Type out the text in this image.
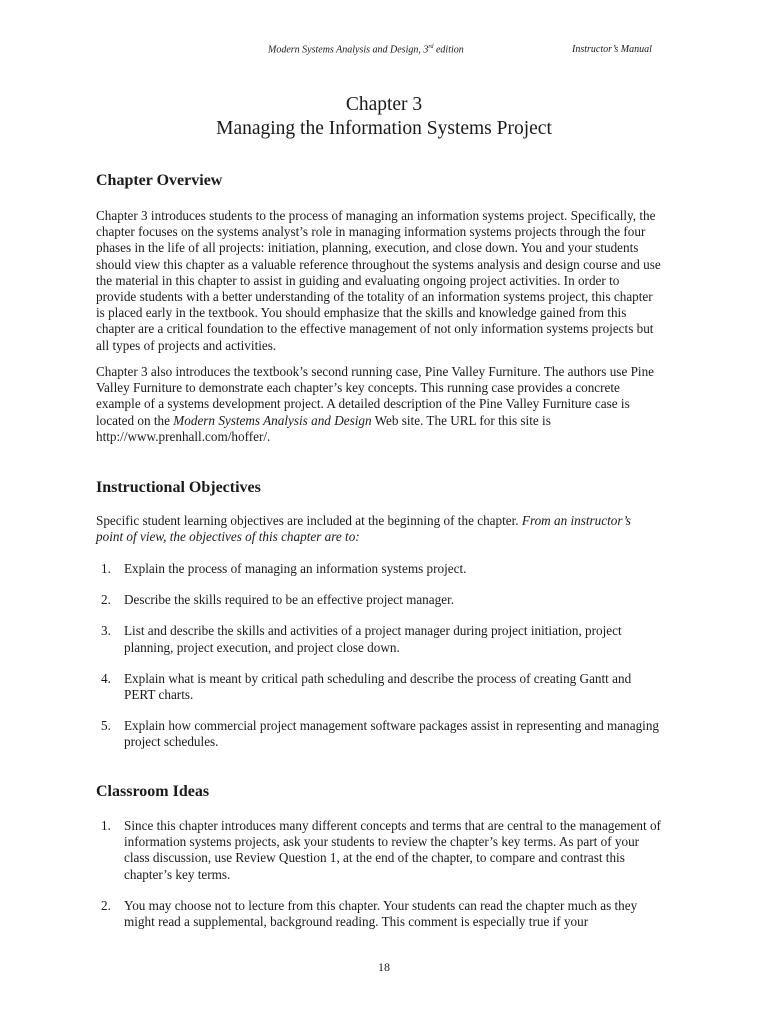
Modern Systems Analysis and Design, 3rd edition	Instructor’s Manual
Chapter 3
Managing the Information Systems Project
Chapter Overview

Chapter 3 introduces students to the process of managing an information systems project. Specifically, the chapter focuses on the systems analyst’s role in managing information systems projects through the four phases in the life of all projects: initiation, planning, execution, and close down. You and your students should view this chapter as a valuable reference throughout the systems analysis and design course and use the material in this chapter to assist in guiding and evaluating ongoing project activities. In order to provide students with a better understanding of the totality of an information systems project, this chapter is placed early in the textbook. You should emphasize that the skills and knowledge gained from this chapter are a critical foundation to the effective management of not only information systems projects but all types of projects and activities.

Chapter 3 also introduces the textbook’s second running case, Pine Valley Furniture. The authors use Pine Valley Furniture to demonstrate each chapter’s key concepts. This running case provides a concrete example of a systems development project. A detailed description of the Pine Valley Furniture case is located on the Modern Systems Analysis and Design Web site. The URL for this site is http://www.prenhall.com/hoffer/.

Instructional Objectives

Specific student learning objectives are included at the beginning of the chapter. From an instructor’s point of view, the objectives of this chapter are to:

1. Explain the process of managing an information systems project.
2. Describe the skills required to be an effective project manager.
3. List and describe the skills and activities of a project manager during project initiation, project planning, project execution, and project close down.
4. Explain what is meant by critical path scheduling and describe the process of creating Gantt and PERT charts.
5. Explain how commercial project management software packages assist in representing and managing project schedules.
Classroom Ideas
1. Since this chapter introduces many different concepts and terms that are central to the management of information systems projects, ask your students to review the chapter’s key terms. As part of your class discussion, use Review Question 1, at the end of the chapter, to compare and contrast this chapter’s key terms.
2. You may choose not to lecture from this chapter. Your students can read the chapter much as they might read a supplemental, background reading. This comment is especially true if your
18
